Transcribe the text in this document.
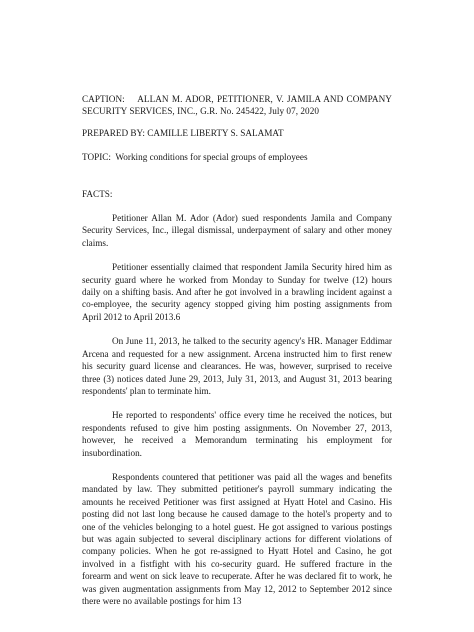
CAPTION: ALLAN M. ADOR, PETITIONER, V. JAMILA AND COMPANY SECURITY SERVICES, INC., G.R. No. 245422, July 07, 2020

PREPARED BY: CAMILLE LIBERTY S. SALAMAT

TOPIC: Working conditions for special groups of employees

FACTS:

Petitioner Allan M. Ador (Ador) sued respondents Jamila and Company Security Services, Inc., illegal dismissal, underpayment of salary and other money claims.

Petitioner essentially claimed that respondent Jamila Security hired him as security guard where he worked from Monday to Sunday for twelve (12) hours daily on a shifting basis. And after he got involved in a brawling incident against a co-employee, the security agency stopped giving him posting assignments from April 2012 to April 2013.6

On June 11, 2013, he talked to the security agency's HR. Manager Eddimar Arcena and requested for a new assignment. Arcena instructed him to first renew his security guard license and clearances. He was, however, surprised to receive three (3) notices dated June 29, 2013, July 31, 2013, and August 31, 2013 bearing respondents' plan to terminate him.

He reported to respondents' office every time he received the notices, but respondents refused to give him posting assignments. On November 27, 2013, however, he received a Memorandum terminating his employment for insubordination.

Respondents countered that petitioner was paid all the wages and benefits mandated by law. They submitted petitioner's payroll summary indicating the amounts he received Petitioner was first assigned at Hyatt Hotel and Casino. His posting did not last long because he caused damage to the hotel's property and to one of the vehicles belonging to a hotel guest. He got assigned to various postings but was again subjected to several disciplinary actions for different violations of company policies. When he got re-assigned to Hyatt Hotel and Casino, he got involved in a fistfight with his co-security guard. He suffered fracture in the forearm and went on sick leave to recuperate. After he was declared fit to work, he was given augmentation assignments from May 12, 2012 to September 2012 since there were no available postings for him 13
